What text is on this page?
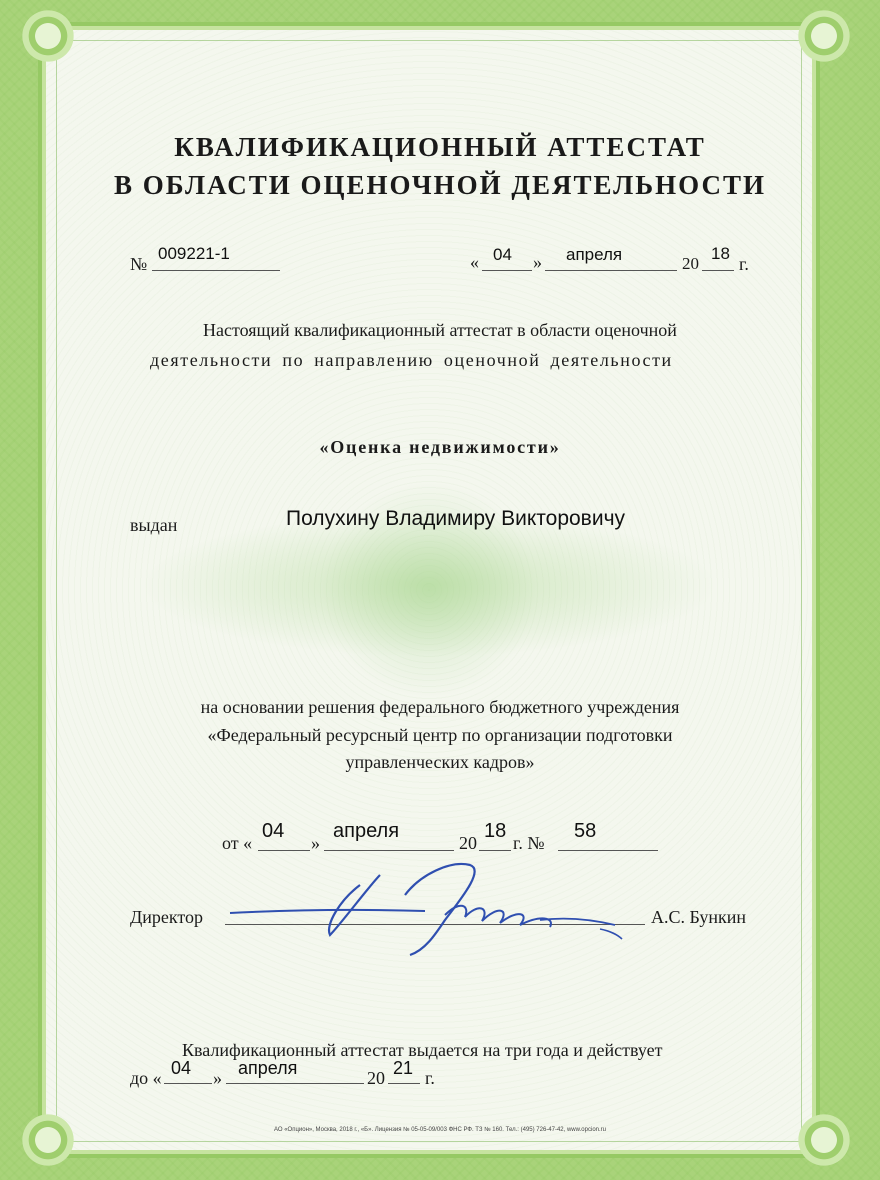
КВАЛИФИКАЦИОННЫЙ АТТЕСТАТ
В ОБЛАСТИ ОЦЕНОЧНОЙ ДЕЯТЕЛЬНОСТИ
№
009221-1	« 04 » апреля	20
18
г.
Настоящий квалификационный аттестат в области оценочной
деятельности по направлению оценочной деятельности
«Оценка недвижимости»
выдан	Полухину Владимиру Викторовичу
на основании решения федерального бюджетного учреждения
«Федеральный ресурсный центр по организации подготовки
управленческих кадров»
от «
04
»
апреля
20
18
г. №
58
Директор	А.С. Бункин
Квалификационный аттестат выдается на три года и действует
до « 04 » апреля	20 21 г.
АО «Опцион», Москва, 2018 г., «Б». Лицензия № 05-05-09/003 ФНС РФ. ТЗ № 160. Тел.: (495) 726-47-42, www.opcion.ru
